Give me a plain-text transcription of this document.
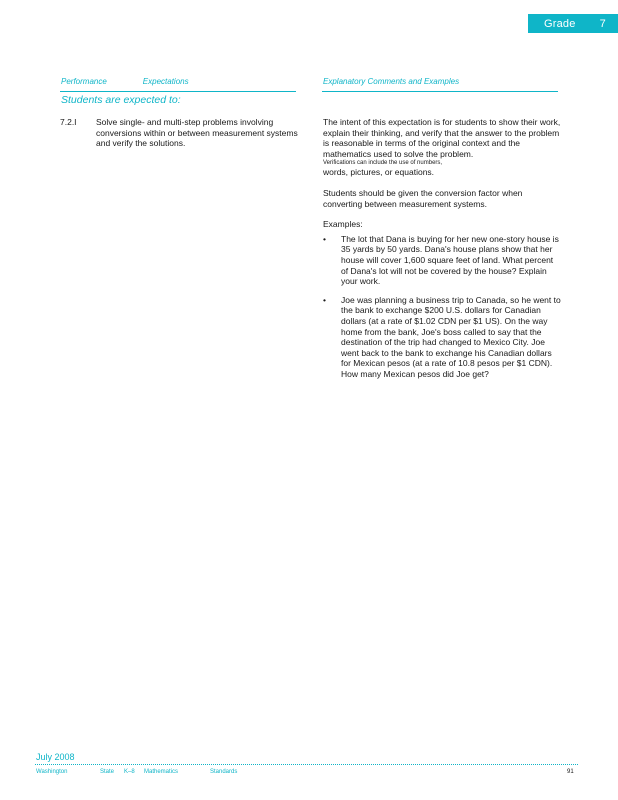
Grade 7
Performance	Expectations	Explanatory Comments and Examples
Students are expected to:
7.2.I Solve single- and multi-step problems involving conversions within or between measurement systems and verify the solutions.

The intent of this expectation is for students to show their work, explain their thinking, and verify that the answer to the problem is reasonable in terms of the original context and the mathematics used to solve the problem.
Verifications can include the use of numbers,
words, pictures, or equations.

Students should be given the conversion factor when converting between measurement systems.

Examples:
• The lot that Dana is buying for her new one-story house is 35 yards by 50 yards. Dana's house plans show that her house will cover 1,600 square feet of land. What percent of Dana's lot will not be covered by the house? Explain your work.
• Joe was planning a business trip to Canada, so he went to the bank to exchange $200 U.S. dollars for Canadian dollars (at a rate of $1.02 CDN per $1 US). On the way home from the bank, Joe's boss called to say that the destination of the trip had changed to Mexico City. Joe went back to the bank to exchange his Canadian dollars for Mexican pesos (at a rate of 10.8 pesos per $1 CDN). How many Mexican pesos did Joe get?
July 2008
Washington	State K–8 Mathematics	Standards	91
